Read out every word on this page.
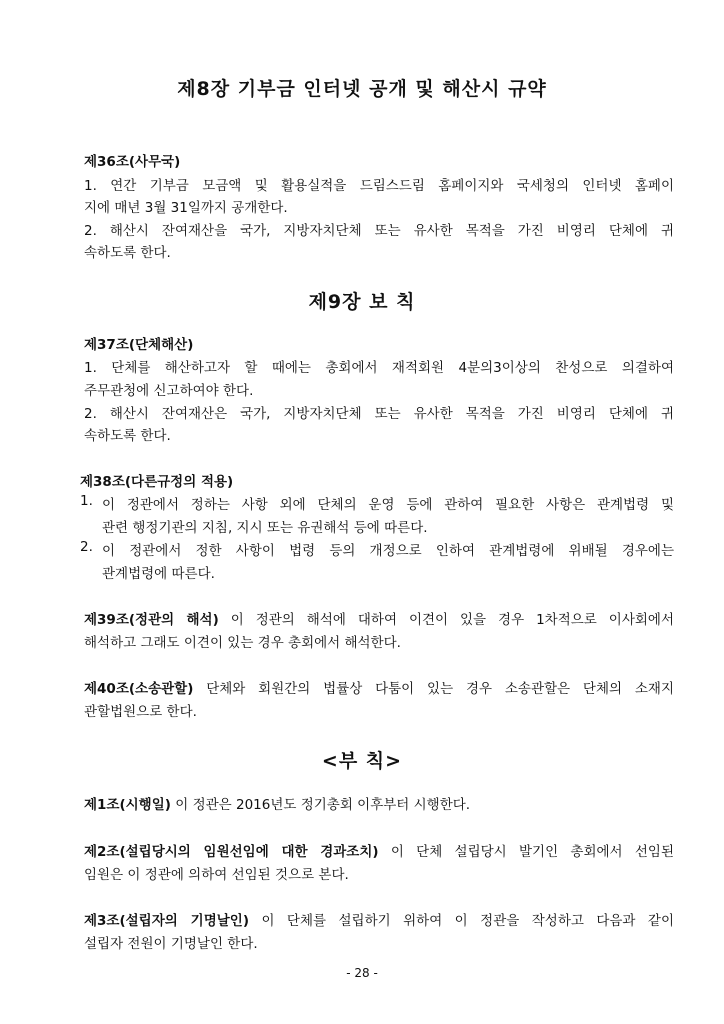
제8장 기부금 인터넷 공개 및 해산시 규약
제36조(사무국)
1. 연간 기부금 모금액 및 활용실적을 드림스드림 홈페이지와 국세청의 인터넷 홈페이
지에 매년 3월 31일까지 공개한다.
2. 해산시 잔여재산을 국가, 지방자치단체 또는 유사한 목적을 가진 비영리 단체에 귀
속하도록 한다.
제9장 보 칙
제37조(단체해산)
1. 단체를 해산하고자 할 때에는 총회에서 재적회원 4분의3이상의 찬성으로 의결하여
주무관청에 신고하여야 한다.
2. 해산시 잔여재산은 국가, 지방자치단체 또는 유사한 목적을 가진 비영리 단체에 귀
속하도록 한다.
제38조(다른규정의 적용)
1. 이 정관에서 정하는 사항 외에 단체의 운영 등에 관하여 필요한 사항은 관계법령 및
관련 행정기관의 지침, 지시 또는 유권해석 등에 따른다.
2. 이 정관에서 정한 사항이 법령 등의 개정으로 인하여 관계법령에 위배될 경우에는
관계법령에 따른다.
제39조(정관의 해석) 이 정관의 해석에 대하여 이견이 있을 경우 1차적으로 이사회에서
해석하고 그래도 이견이 있는 경우 총회에서 해석한다.
제40조(소송관할) 단체와 회원간의 법률상 다툼이 있는 경우 소송관할은 단체의 소재지
관할법원으로 한다.
<부 칙>
제1조(시행일) 이 정관은 2016년도 정기총회 이후부터 시행한다.
제2조(설립당시의 임원선임에 대한 경과조치) 이 단체 설립당시 발기인 총회에서 선임된
임원은 이 정관에 의하여 선임된 것으로 본다.
제3조(설립자의 기명날인) 이 단체를 설립하기 위하여 이 정관을 작성하고 다음과 같이
설립자 전원이 기명날인 한다.
- 28 -
